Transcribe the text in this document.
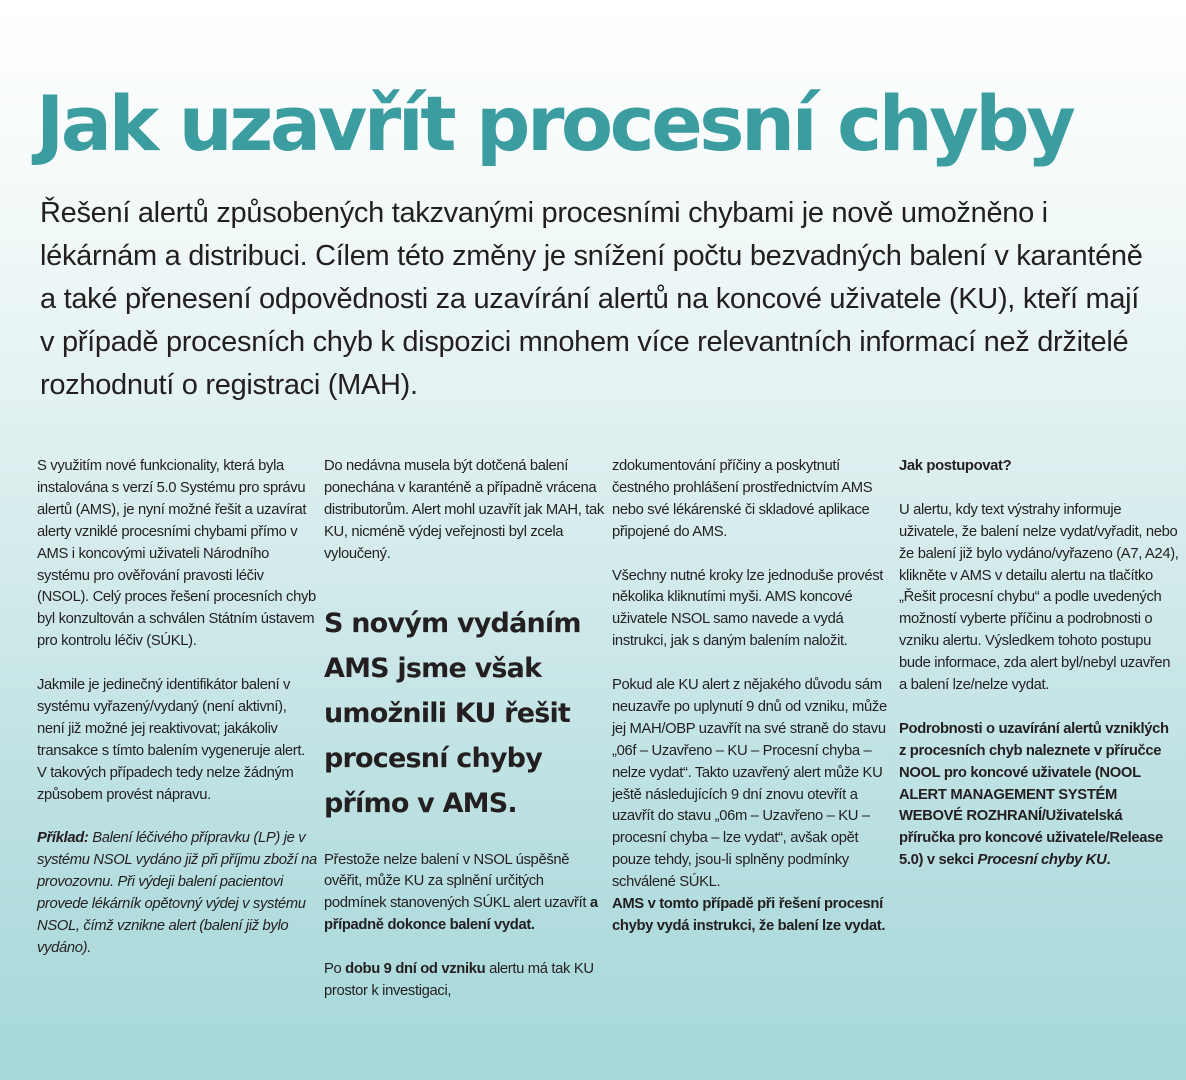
Jak uzavřít procesní chyby

Řešení alertů způsobených takzvanými procesními chybami je nově umožněno i lékárnám a distribuci. Cílem této změny je snížení počtu bezvadných balení v karanténě a také přenesení odpovědnosti za uzavírání alertů na koncové uživatele (KU), kteří mají v případě procesních chyb k dispozici mnohem více relevantních informací než držitelé rozhodnutí o registraci (MAH).

S využitím nové funkcionality, která byla instalována s verzí 5.0 Systému pro správu alertů (AMS), je nyní možné řešit a uzavírat alerty vzniklé procesními chybami přímo v AMS i koncovými uživateli Národního systému pro ověřování pravosti léčiv (NSOL). Celý proces řešení procesních chyb byl konzultován a schválen Státním ústavem pro kontrolu léčiv (SÚKL).

Jakmile je jedinečný identifikátor balení v systému vyřazený/vydaný (není aktivní), není již možné jej reaktivovat; jakákoliv transakce s tímto balením vygeneruje alert. V takových případech tedy nelze žádným způsobem provést nápravu.

Příklad: Balení léčivého přípravku (LP) je v systému NSOL vydáno již při příjmu zboží na provozovnu. Při výdeji balení pacientovi provede lékárník opětovný výdej v systému NSOL, čímž vznikne alert (balení již bylo vydáno).

Do nedávna musela být dotčená balení ponechána v karanténě a případně vrácena distributorům. Alert mohl uzavřít jak MAH, tak KU, nicméně výdej veřejnosti byl zcela vyloučený.

S novým vydáním AMS jsme však umožnili KU řešit procesní chyby přímo v AMS.

Přestože nelze balení v NSOL úspěšně ověřit, může KU za splnění určitých podmínek stanovených SÚKL alert uzavřít a případně dokonce balení vydat.

Po dobu 9 dní od vzniku alertu má tak KU prostor k investigaci,

zdokumentování příčiny a poskytnutí čestného prohlášení prostřednictvím AMS nebo své lékárenské či skladové aplikace připojené do AMS.

Všechny nutné kroky lze jednoduše provést několika kliknutími myši. AMS koncové uživatele NSOL samo navede a vydá instrukci, jak s daným balením naložit.

Pokud ale KU alert z nějakého důvodu sám neuzavře po uplynutí 9 dnů od vzniku, může jej MAH/OBP uzavřít na své straně do stavu „06f – Uzavřeno – KU – Procesní chyba – nelze vydat“. Takto uzavřený alert může KU ještě následujících 9 dní znovu otevřít a uzavřít do stavu „06m – Uzavřeno – KU – procesní chyba – lze vydat“, avšak opět pouze tehdy, jsou-li splněny podmínky schválené SÚKL.
AMS v tomto případě při řešení procesní chyby vydá instrukci, že balení lze vydat.

Jak postupovat?

U alertu, kdy text výstrahy informuje uživatele, že balení nelze vydat/vyřadit, nebo že balení již bylo vydáno/vyřazeno (A7, A24), klikněte v AMS v detailu alertu na tlačítko „Řešit procesní chybu“ a podle uvedených možností vyberte příčinu a podrobnosti o vzniku alertu. Výsledkem tohoto postupu bude informace, zda alert byl/nebyl uzavřen a balení lze/nelze vydat.

Podrobnosti o uzavírání alertů vzniklých z procesních chyb naleznete v příručce NOOL pro koncové uživatele (NOOL ALERT MANAGEMENT SYSTÉM WEBOVÉ ROZHRANÍ/Uživatelská příručka pro koncové uživatele/Release 5.0) v sekci Procesní chyby KU.
